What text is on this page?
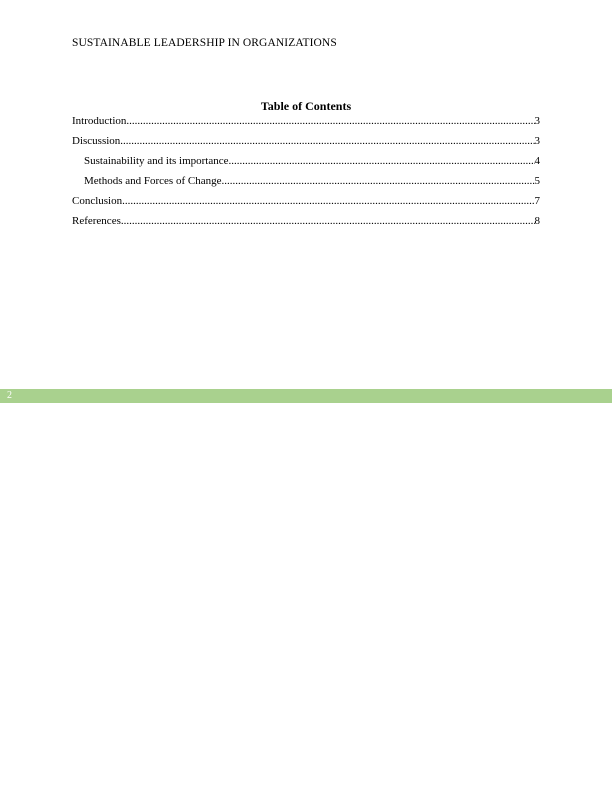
SUSTAINABLE LEADERSHIP IN ORGANIZATIONS
Table of Contents
Introduction .....	3
Discussion .....	3
Sustainability and its importance .....	4
Methods and Forces of Change .....	5
Conclusion .....	7
References .....	8
2
